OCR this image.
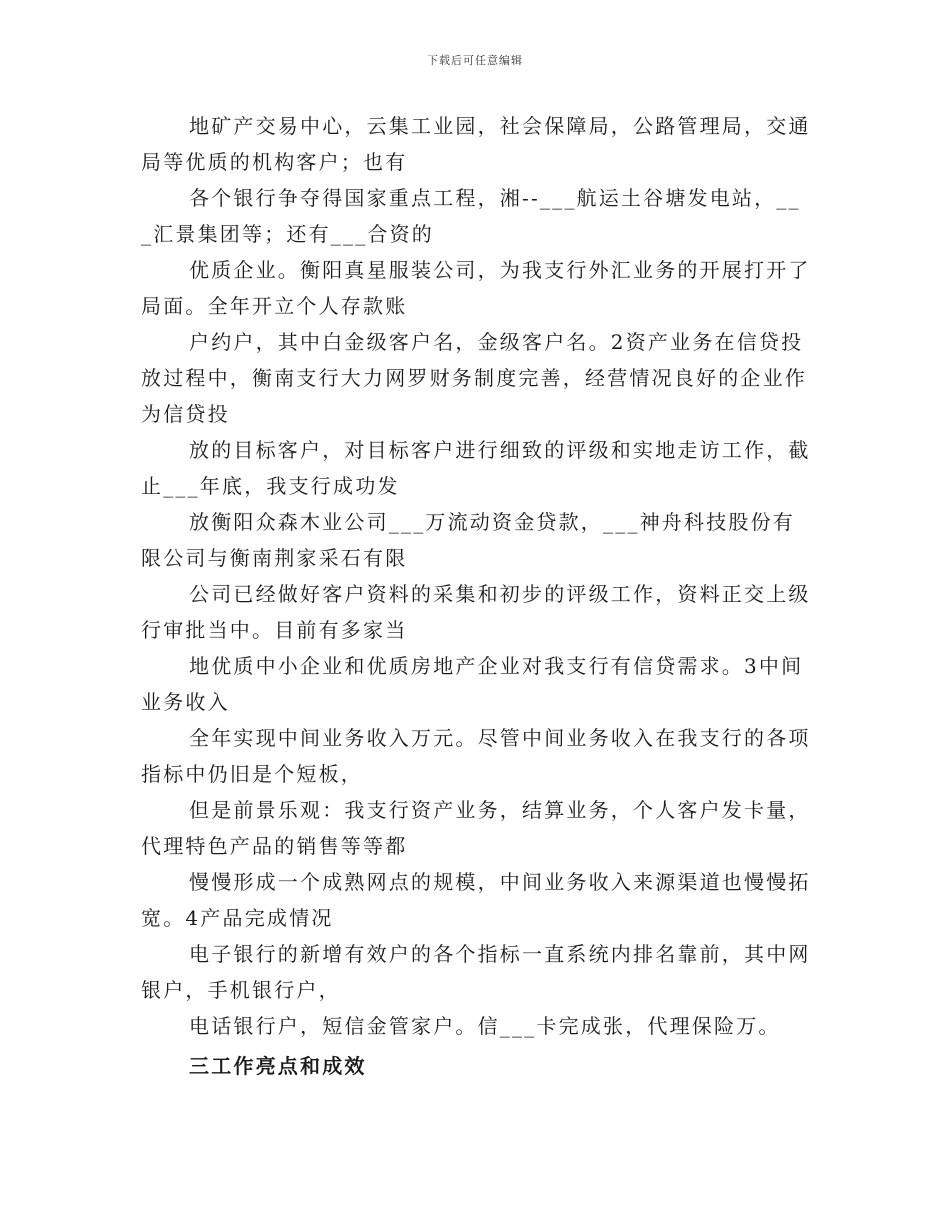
下载后可任意编辑

地矿产交易中心，云集工业园，社会保障局，公路管理局，交通局等优质的机构客户；也有

各个银行争夺得国家重点工程，湘--___航运土谷塘发电站，___汇景集团等；还有___合资的

优质企业。衡阳真星服装公司，为我支行外汇业务的开展打开了局面。全年开立个人存款账

户约户，其中白金级客户名，金级客户名。2资产业务在信贷投放过程中，衡南支行大力网罗财务制度完善，经营情况良好的企业作为信贷投

放的目标客户，对目标客户进行细致的评级和实地走访工作，截止___年底，我支行成功发

放衡阳众森木业公司___万流动资金贷款，___神舟科技股份有限公司与衡南荆家采石有限

公司已经做好客户资料的采集和初步的评级工作，资料正交上级行审批当中。目前有多家当

地优质中小企业和优质房地产企业对我支行有信贷需求。3中间业务收入

全年实现中间业务收入万元。尽管中间业务收入在我支行的各项指标中仍旧是个短板，

但是前景乐观：我支行资产业务，结算业务，个人客户发卡量，代理特色产品的销售等等都

慢慢形成一个成熟网点的规模，中间业务收入来源渠道也慢慢拓宽。4产品完成情况

电子银行的新增有效户的各个指标一直系统内排名靠前，其中网银户，手机银行户，

电话银行户，短信金管家户。信___卡完成张，代理保险万。

三工作亮点和成效
